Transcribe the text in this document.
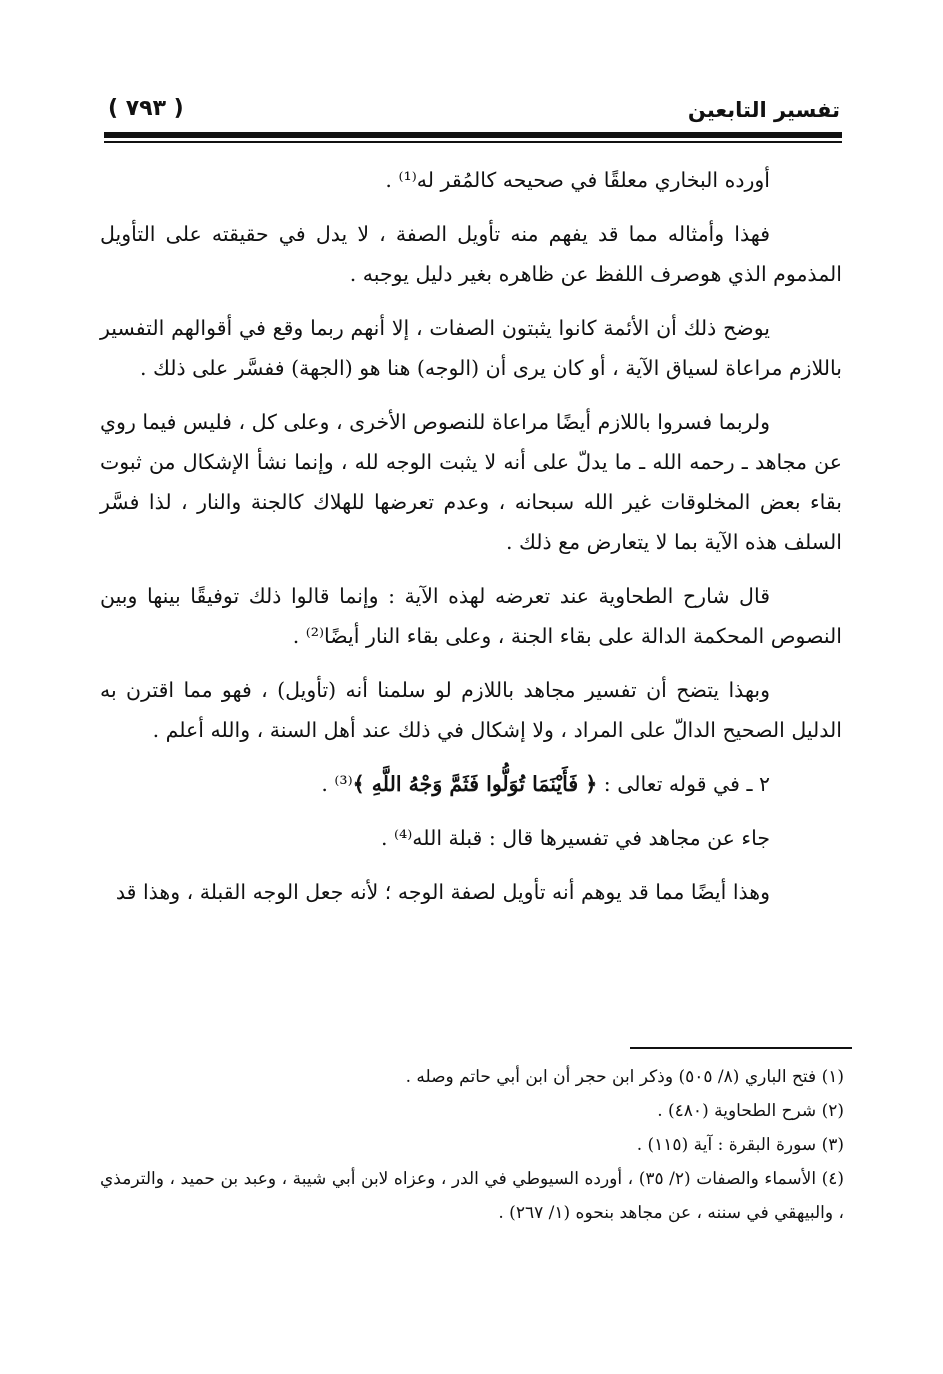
تفسير التابعين
( ٧٩٣ )

أورده البخاري معلقًا في صحيحه كالمُقر له⁽¹⁾ .

فهذا وأمثاله مما قد يفهم منه تأويل الصفة ، لا يدل في حقيقته على التأويل المذموم الذي هوصرف اللفظ عن ظاهره بغير دليل يوجبه .

يوضح ذلك أن الأئمة كانوا يثبتون الصفات ، إلا أنهم ربما وقع في أقوالهم التفسير باللازم مراعاة لسياق الآية ، أو كان يرى أن (الوجه) هنا هو (الجهة) ففسَّر على ذلك .

ولربما فسروا باللازم أيضًا مراعاة للنصوص الأخرى ، وعلى كل ، فليس فيما روي عن مجاهد ـ رحمه الله ـ ما يدلّ على أنه لا يثبت الوجه لله ، وإنما نشأ الإشكال من ثبوت بقاء بعض المخلوقات غير الله سبحانه ، وعدم تعرضها للهلاك كالجنة والنار ، لذا فسَّر السلف هذه الآية بما لا يتعارض مع ذلك .

قال شارح الطحاوية عند تعرضه لهذه الآية : وإنما قالوا ذلك توفيقًا بينها وبين النصوص المحكمة الدالة على بقاء الجنة ، وعلى بقاء النار أيضًا⁽²⁾ .

وبهذا يتضح أن تفسير مجاهد باللازم لو سلمنا أنه (تأويل) ، فهو مما اقترن به الدليل الصحيح الدالّ على المراد ، ولا إشكال في ذلك عند أهل السنة ، والله أعلم .

٢ ـ في قوله تعالى : ﴿ فَأَيْنَمَا تُوَلُّوا فَثَمَّ وَجْهُ اللَّهِ ﴾⁽³⁾ .

جاء عن مجاهد في تفسيرها قال : قبلة الله⁽⁴⁾ .

وهذا أيضًا مما قد يوهم أنه تأويل لصفة الوجه ؛ لأنه جعل الوجه القبلة ، وهذا قد

(١) فتح الباري (٨/ ٥٠٥) وذكر ابن حجر أن ابن أبي حاتم وصله .

(٢) شرح الطحاوية (٤٨٠) .

(٣) سورة البقرة : آية (١١٥) .

(٤) الأسماء والصفات (٢/ ٣٥) ، أورده السيوطي في الدر ، وعزاه لابن أبي شيبة ، وعبد بن حميد ، والترمذي ، والبيهقي في سننه ، عن مجاهد بنحوه (١/ ٢٦٧) .
